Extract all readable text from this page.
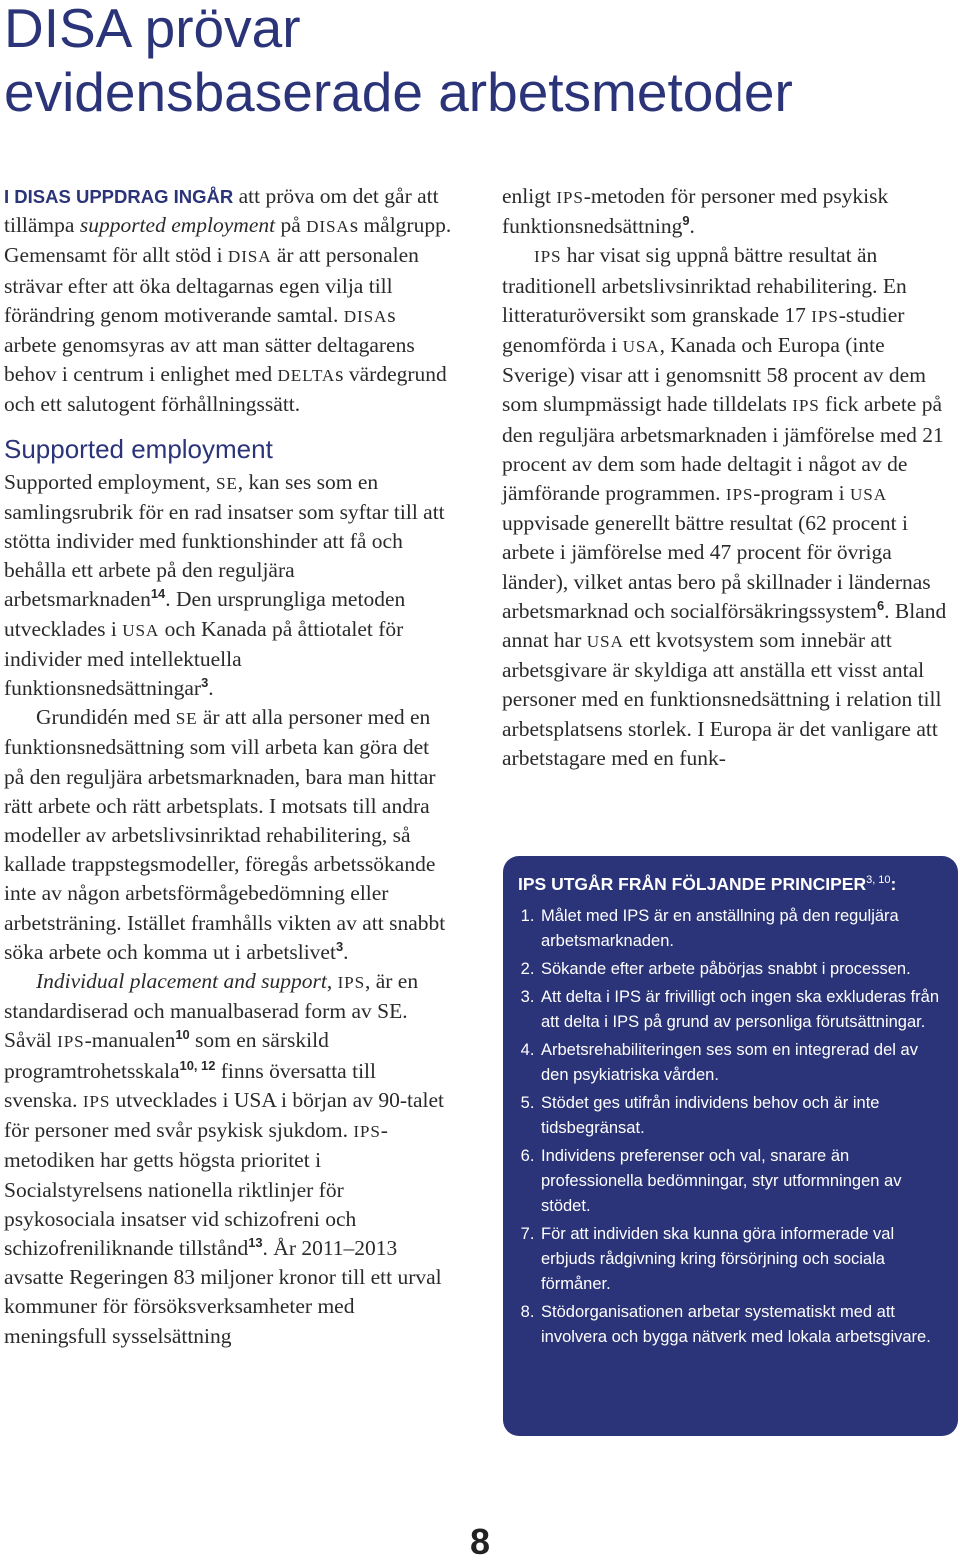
DISA prövar
evidensbaserade arbetsmetoder

I DISAS UPPDRAG INGÅR att pröva om det går att tillämpa supported employment på DISAs målgrupp. Gemensamt för allt stöd i DISA är att personalen strävar efter att öka deltagarnas egen vilja till förändring genom motiverande samtal. DISAs arbete genomsyras av att man sätter deltagarens behov i centrum i enlighet med DELTAs värdegrund och ett salutogent förhållningssätt.

Supported employment

Supported employment, SE, kan ses som en samlingsrubrik för en rad insatser som syftar till att stötta individer med funktionshinder att få och behålla ett arbete på den reguljära arbetsmarknaden$^{14}$. Den ursprungliga metoden utvecklades i USA och Kanada på åttiotalet för individer med intellektuella funktionsnedsättningar$^3$.

Grundidén med SE är att alla personer med en funktionsnedsättning som vill arbeta kan göra det på den reguljära arbetsmarknaden, bara man hittar rätt arbete och rätt arbetsplats. I motsats till andra modeller av arbetslivsinriktad rehabilitering, så kallade trappstegsmodeller, föregås arbetssökande inte av någon arbetsförmågebedömning eller arbetsträning. Istället framhålls vikten av att snabbt söka arbete och komma ut i arbetslivet$^3$.

Individual placement and support, IPS, är en standardiserad och manualbaserad form av SE. Såväl IPS-manualen$^{10}$ som en särskild programtrohetsskala$^{10, 12}$ finns översatta till svenska. IPS utvecklades i USA i början av 90-talet för personer med svår psykisk sjukdom. IPS-metodiken har getts högsta prioritet i Socialstyrelsens nationella riktlinjer för psykosociala insatser vid schizofreni och schizofreniliknande tillstånd$^{13}$. År 2011–2013 avsatte Regeringen 83 miljoner kronor till ett urval kommuner för försöksverksamheter med meningsfull sysselsättning

enligt IPS-metoden för personer med psykisk funktionsnedsättning$^9$.

IPS har visat sig uppnå bättre resultat än traditionell arbetslivsinriktad rehabilitering. En litteraturöversikt som granskade 17 IPS-studier genomförda i USA, Kanada och Europa (inte Sverige) visar att i genomsnitt 58 procent av dem som slumpmässigt hade tilldelats IPS fick arbete på den reguljära arbetsmarknaden i jämförelse med 21 procent av dem som hade deltagit i något av de jämförande programmen. IPS-program i USA uppvisade generellt bättre resultat (62 procent i arbete i jämförelse med 47 procent för övriga länder), vilket antas bero på skillnader i ländernas arbetsmarknad och socialförsäkringssystem$^6$. Bland annat har USA ett kvotsystem som innebär att arbetsgivare är skyldiga att anställa ett visst antal personer med en funktionsnedsättning i relation till arbetsplatsens storlek. I Europa är det vanligare att arbetstagare med en funk-

IPS UTGÅR FRÅN FÖLJANDE PRINCIPER$^{3, 10}$:
1. Målet med IPS är en anställning på den reguljära arbetsmarknaden.
2. Sökande efter arbete påbörjas snabbt i processen.
3. Att delta i IPS är frivilligt och ingen ska exkluderas från att delta i IPS på grund av personliga förutsättningar.
4. Arbetsrehabiliteringen ses som en integrerad del av den psykiatriska vården.
5. Stödet ges utifrån individens behov och är inte tidsbegränsat.
6. Individens preferenser och val, snarare än professionella bedömningar, styr utformningen av stödet.
7. För att individen ska kunna göra informerade val erbjuds rådgivning kring försörjning och sociala förmåner.
8. Stödorganisationen arbetar systematiskt med att involvera och bygga nätverk med lokala arbetsgivare.
8
